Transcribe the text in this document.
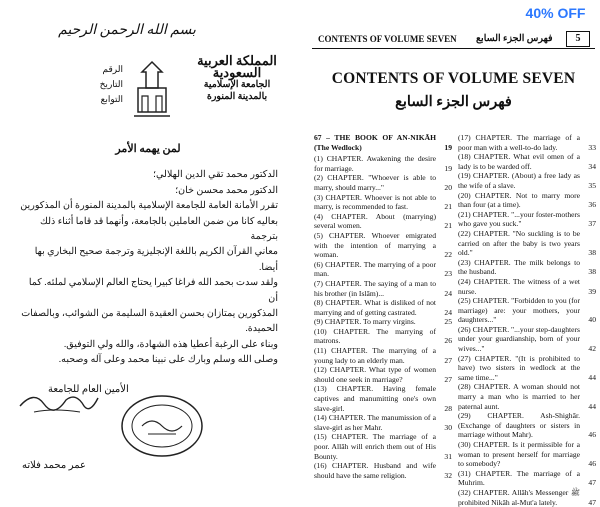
بسم الله الرحمن الرحيم
المملكة العربية السعودية
الجامعة الإسلامية
بالمدينة المنورة
الرقم
التاريخ
التوابع
لمن يهمه الأمر

الدكتور محمد تقي الدين الهلالي؛

الدكتور محمد محسن خان؛

تقرر الأمانة العامة للجامعة الإسلامية بالمدينة المنورة أن المذكورين

بعاليه كانا من ضمن العاملين بالجامعة، وأنهما قد قاما أثناء ذلك بترجمة

معاني القرآن الكريم باللغة الإنجليزية وترجمة صحيح البخاري بها

أيضا.

ولقد سدت بحمد الله فراغا كبيرا يحتاج العالم الإسلامي لملئه. كما أن

المذكورين يمتازان بحسن العقيدة السليمة من الشوائب، وبالصفات

الحميدة.

وبناء على الرغبة أعطيا هذه الشهادة، والله ولي التوفيق.

وصلى الله وسلم وبارك على نبينا محمد وعلى آله وصحبه.

الأمين العام للجامعة
عمر محمد فلاته
CONTENTS OF VOLUME SEVEN فهرس الجزء السابع	5
CONTENTS OF VOLUME SEVEN
فهرس الجزء السابع
67 – THE BOOK OF AN-NIKĀH (The Wedlock)	19
(1) CHAPTER. Awakening the desire for marriage.	19
(2) CHAPTER. "Whoever is able to marry, should marry..."	20
(3) CHAPTER. Whoever is not able to marry, is recommended to fast.	21
(4) CHAPTER. About (marrying) several women.	21
(5) CHAPTER. Whoever emigrated with the intention of marrying a woman.	22
(6) CHAPTER. The marrying of a poor man.	23
(7) CHAPTER. The saying of a man to his brother (in Islām)...	24
(8) CHAPTER. What is disliked of not marrying and of getting castrated.	24
(9) CHAPTER. To marry virgins.	25
(10) CHAPTER. The marrying of matrons.	26
(11) CHAPTER. The marrying of a young lady to an elderly man.	27
(12) CHAPTER. What type of women should one seek in marriage?	27
(13) CHAPTER. Having female captives and manumitting one's own slave-girl.	28
(14) CHAPTER. The manumission of a slave-girl as her Mahr.	30
(15) CHAPTER. The marriage of a poor. Allāh will enrich them out of His Bounty.	31
(16) CHAPTER. Husband and wife should have the same religion.	32
(17) CHAPTER. The marriage of a poor man with a well-to-do lady.	33
(18) CHAPTER. What evil omen of a lady is to be warded off.	34
(19) CHAPTER. (About) a free lady as the wife of a slave.	35
(20) CHAPTER. Not to marry more than four (at a time).	36
(21) CHAPTER. "...your foster-mothers who gave you suck."	37
(22) CHAPTER. "No suckling is to be carried on after the baby is two years old."	38
(23) CHAPTER. The milk belongs to the husband.	38
(24) CHAPTER. The witness of a wet nurse.	39
(25) CHAPTER. "Forbidden to you (for marriage) are: your mothers, your daughters..."	40
(26) CHAPTER. "...your step-daughters under your guardianship, born of your wives..."	42
(27) CHAPTER. "(It is prohibited to have) two sisters in wedlock at the same time..."	44
(28) CHAPTER. A woman should not marry a man who is married to her paternal aunt.	44
(29) CHAPTER. Ash-Shighār. (Exchange of daughters or sisters in marriage without Mahr).	46
(30) CHAPTER. Is it permissible for a woman to present herself for marriage to somebody?	46
(31) CHAPTER. The marriage of a Muhrim.	47
(32) CHAPTER. Allāh's Messenger ﷺ prohibited Nikāh al-Mut'a lately.	47
40% OFF
